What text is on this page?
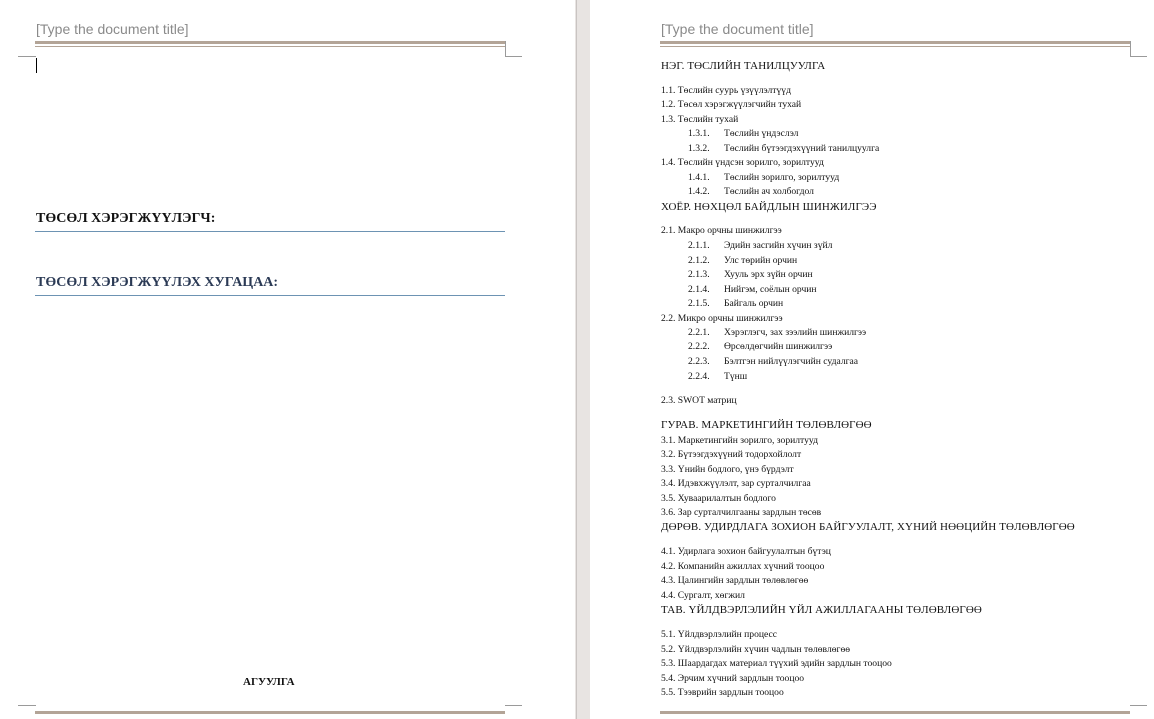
[Type the document title]
ТӨСӨЛ ХЭРЭГЖҮҮЛЭГЧ:
ТӨСӨЛ ХЭРЭГЖҮҮЛЭХ ХУГАЦАА:
АГУУЛГА
[Type the document title]
НЭГ. ТӨСЛИЙН ТАНИЛЦУУЛГА
1.1. Төслийн суурь үзүүлэлтүүд
1.2. Төсөл хэрэгжүүлэгчийн тухай
1.3. Төслийн тухай
1.3.1. Төслийн үндэслэл
1.3.2. Төслийн бүтээгдэхүүний танилцуулга
1.4. Төслийн үндсэн зорилго, зорилтууд
1.4.1. Төслийн зорилго, зорилтууд
1.4.2. Төслийн ач холбогдол
ХОЁР. НӨХЦӨЛ БАЙДЛЫН ШИНЖИЛГЭЭ
2.1. Макро орчны шинжилгээ
2.1.1. Эдийн засгийн хүчин зүйл
2.1.2. Улс төрийн орчин
2.1.3. Хууль эрх зүйн орчин
2.1.4. Нийгэм, соёлын орчин
2.1.5. Байгаль орчин
2.2. Микро орчны шинжилгээ
2.2.1. Хэрэглэгч, зах зээлийн шинжилгээ
2.2.2. Өрсөлдөгчийн шинжилгээ
2.2.3. Бэлтгэн нийлүүлэгчийн судалгаа
2.2.4. Түнш
2.3. SWOT матриц
ГУРАВ. МАРКЕТИНГИЙН ТӨЛӨВЛӨГӨӨ
3.1. Маркетингийн зорилго, зорилтууд
3.2. Бүтээгдэхүүний тодорхойлолт
3.3. Үнийн бодлого, үнэ бүрдэлт
3.4. Идэвхжүүлэлт, зар сурталчилгаа
3.5. Хуваарилалтын бодлого
3.6. Зар сурталчилгааны зардлын төсөв
ДӨРӨВ. УДИРДЛАГА ЗОХИОН БАЙГУУЛАЛТ, ХҮНИЙ НӨӨЦИЙН ТӨЛӨВЛӨГӨӨ
4.1. Удирлага зохион байгуулалтын бүтэц
4.2. Компанийн ажиллах хүчний тооцоо
4.3. Цалингийн зардлын төлөвлөгөө
4.4. Сургалт, хөгжил
ТАВ. ҮЙЛДВЭРЛЭЛИЙН ҮЙЛ АЖИЛЛАГААНЫ ТӨЛӨВЛӨГӨӨ
5.1. Үйлдвэрлэлийн процесс
5.2. Үйлдвэрлэлийн хүчин чадлын төлөвлөгөө
5.3. Шаардагдах материал түүхий эдийн зардлын тооцоо
5.4. Эрчим хүчний зардлын тооцоо
5.5. Тээврийн зардлын тооцоо
